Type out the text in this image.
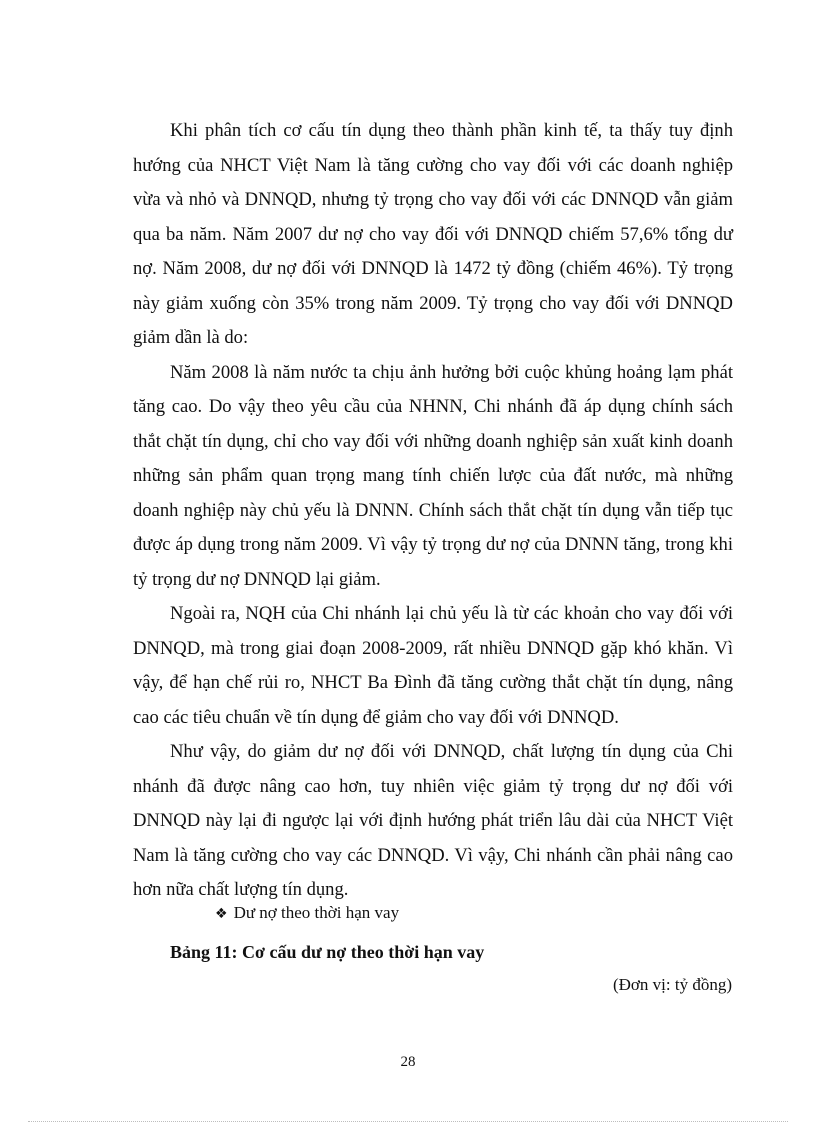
Khi phân tích cơ cấu tín dụng theo thành phần kinh tế, ta thấy tuy định hướng của NHCT Việt Nam là tăng cường cho vay đối với các doanh nghiệp vừa và nhỏ và DNNQD, nhưng tỷ trọng cho vay đối với các DNNQD vẫn giảm qua ba năm. Năm 2007 dư nợ cho vay đối với DNNQD chiếm 57,6% tổng dư nợ. Năm 2008, dư nợ đối với DNNQD là 1472 tỷ đồng (chiếm 46%). Tỷ trọng này giảm xuống còn 35% trong năm 2009. Tỷ trọng cho vay đối với DNNQD giảm dần là do:

Năm 2008 là năm nước ta chịu ảnh hưởng bởi cuộc khủng hoảng lạm phát tăng cao. Do vậy theo yêu cầu của NHNN, Chi nhánh đã áp dụng chính sách thắt chặt tín dụng, chỉ cho vay đối với những doanh nghiệp sản xuất kinh doanh những sản phẩm quan trọng mang tính chiến lược của đất nước, mà những doanh nghiệp này chủ yếu là DNNN. Chính sách thắt chặt tín dụng vẫn tiếp tục được áp dụng trong năm 2009. Vì vậy tỷ trọng dư nợ của DNNN tăng, trong khi tỷ trọng dư nợ DNNQD lại giảm.

Ngoài ra, NQH của Chi nhánh lại chủ yếu là từ các khoản cho vay đối với DNNQD, mà trong giai đoạn 2008-2009, rất nhiều DNNQD gặp khó khăn. Vì vậy, để hạn chế rủi ro, NHCT Ba Đình đã tăng cường thắt chặt tín dụng, nâng cao các tiêu chuẩn về tín dụng để giảm cho vay đối với DNNQD.

Như vậy, do giảm dư nợ đối với DNNQD, chất lượng tín dụng của Chi nhánh đã được nâng cao hơn, tuy nhiên việc giảm tỷ trọng dư nợ đối với DNNQD này lại đi ngược lại với định hướng phát triển lâu dài của NHCT Việt Nam là tăng cường cho vay các DNNQD. Vì vậy, Chi nhánh cần phải nâng cao hơn nữa chất lượng tín dụng.

❖ Dư nợ theo thời hạn vay
Bảng 11: Cơ cấu dư nợ theo thời hạn vay
(Đơn vị: tỷ đồng)
28
